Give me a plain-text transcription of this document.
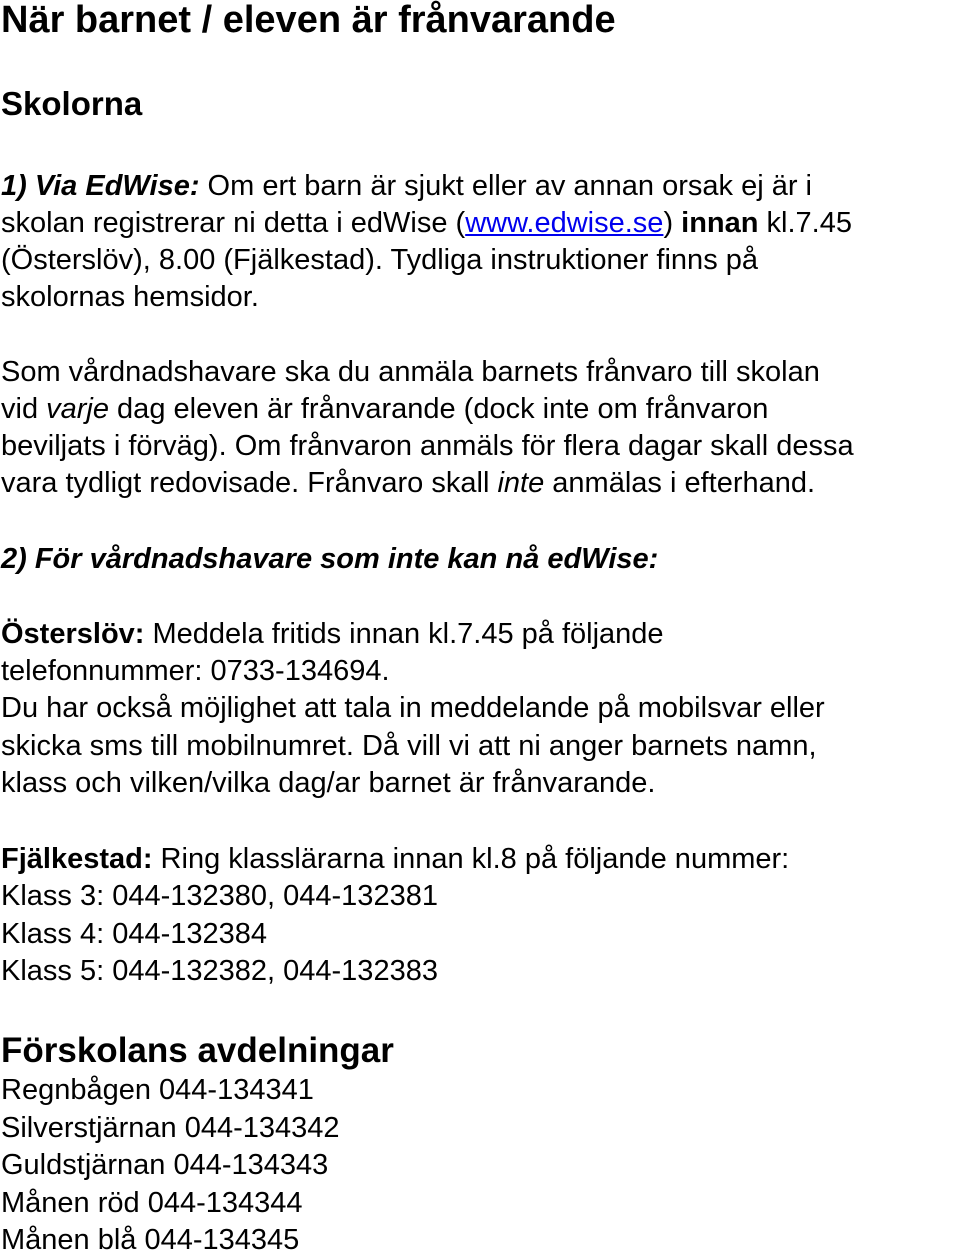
När barnet / eleven är frånvarande
Skolorna

1) Via EdWise: Om ert barn är sjukt eller av annan orsak ej är i

skolan registrerar ni detta i edWise (www.edwise.se) innan kl.7.45

(Österslöv), 8.00 (Fjälkestad). Tydliga instruktioner finns på

skolornas hemsidor.

Som vårdnadshavare ska du anmäla barnets frånvaro till skolan

vid varje dag eleven är frånvarande (dock inte om frånvaron

beviljats i förväg). Om frånvaron anmäls för flera dagar skall dessa

vara tydligt redovisade. Frånvaro skall inte anmälas i efterhand.

2) För vårdnadshavare som inte kan nå edWise:

Österslöv: Meddela fritids innan kl.7.45 på följande

telefonnummer: 0733-134694.

Du har också möjlighet att tala in meddelande på mobilsvar eller

skicka sms till mobilnumret. Då vill vi att ni anger barnets namn,

klass och vilken/vilka dag/ar barnet är frånvarande.

Fjälkestad: Ring klasslärarna innan kl.8 på följande nummer:

Klass 3: 044-132380, 044-132381

Klass 4: 044-132384

Klass 5: 044-132382, 044-132383

Förskolans avdelningar

Regnbågen 044-134341

Silverstjärnan 044-134342

Guldstjärnan 044-134343

Månen röd 044-134344

Månen blå 044-134345
